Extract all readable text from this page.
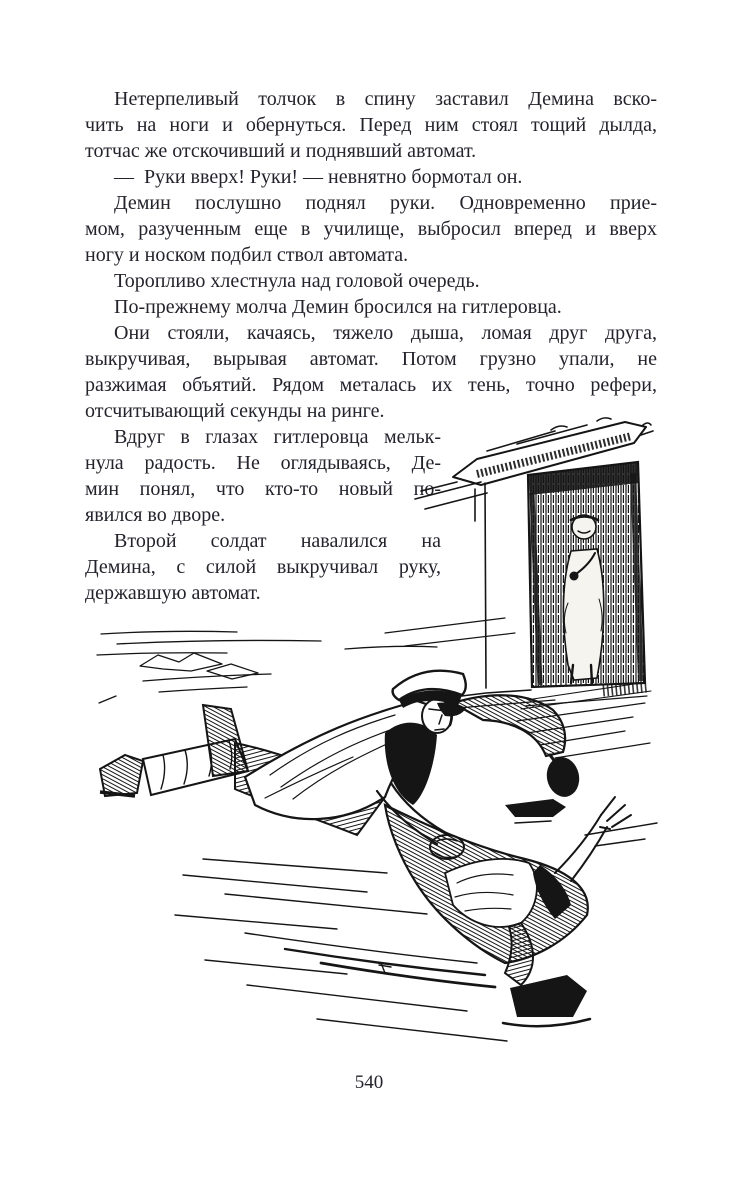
Нетерпеливый толчок в спину заставил Демина вско-
чить на ноги и обернуться. Перед ним стоял тощий дылда,
тотчас же отскочивший и поднявший автомат.

— Руки вверх! Руки! — невнятно бормотал он.

Демин послушно поднял руки. Одновременно прие-
мом, разученным еще в училище, выбросил вперед и вверх
ногу и носком подбил ствол автомата.

Торопливо хлестнула над головой очередь.

По-прежнему молча Демин бросился на гитлеровца.

Они стояли, качаясь, тяжело дыша, ломая друг друга,
выкручивая, вырывая автомат. Потом грузно упали, не
разжимая объятий. Рядом металась их тень, точно рефери,
отсчитывающий секунды на ринге.

Вдруг в глазах гитлеровца мельк-
нула радость. Не оглядываясь, Де-
мин понял, что кто-то новый по-
явился во дворе.

Второй солдат навалился на
Демина, с силой выкручивал руку,
державшую автомат.

540
